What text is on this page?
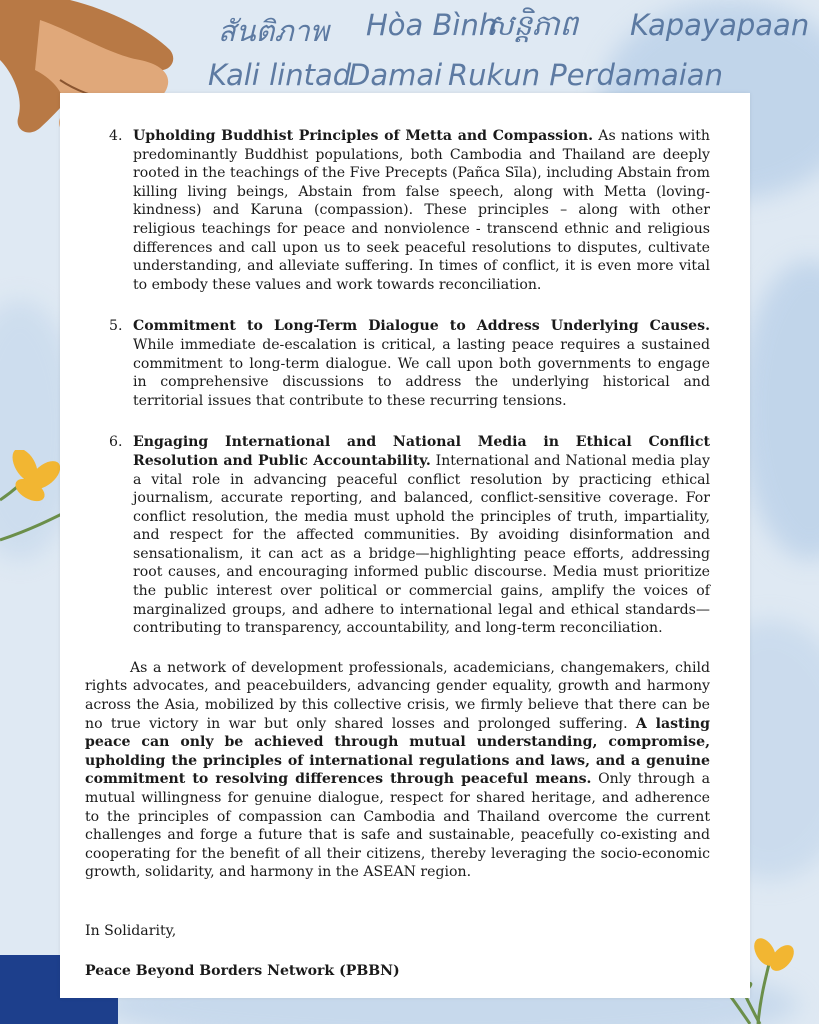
สันติภาพ Hòa Bình
សន្តិភាព Kapayapaan
Kali lintad
Damai Rukun Perdamaian
4. Upholding Buddhist Principles of Metta and Compassion. As nations with predominantly Buddhist populations, both Cambodia and Thailand are deeply rooted in the teachings of the Five Precepts (Pañca Sīla), including Abstain from killing living beings, Abstain from false speech, along with Metta (loving-kindness) and Karuna (compassion). These principles – along with other religious teachings for peace and nonviolence - transcend ethnic and religious differences and call upon us to seek peaceful resolutions to disputes, cultivate understanding, and alleviate suffering. In times of conflict, it is even more vital to embody these values and work towards reconciliation.
5. Commitment to Long-Term Dialogue to Address Underlying Causes. While immediate de-escalation is critical, a lasting peace requires a sustained commitment to long-term dialogue. We call upon both governments to engage in comprehensive discussions to address the underlying historical and territorial issues that contribute to these recurring tensions.
6. Engaging International and National Media in Ethical Conflict Resolution and Public Accountability. International and National media play a vital role in advancing peaceful conflict resolution by practicing ethical journalism, accurate reporting, and balanced, conflict-sensitive coverage. For conflict resolution, the media must uphold the principles of truth, impartiality, and respect for the affected communities. By avoiding disinformation and sensationalism, it can act as a bridge—highlighting peace efforts, addressing root causes, and encouraging informed public discourse. Media must prioritize the public interest over political or commercial gains, amplify the voices of marginalized groups, and adhere to international legal and ethical standards—contributing to transparency, accountability, and long-term reconciliation.

As a network of development professionals, academicians, changemakers, child rights advocates, and peacebuilders, advancing gender equality, growth and harmony across the Asia, mobilized by this collective crisis, we firmly believe that there can be no true victory in war but only shared losses and prolonged suffering. A lasting peace can only be achieved through mutual understanding, compromise, upholding the principles of international regulations and laws, and a genuine commitment to resolving differences through peaceful means. Only through a mutual willingness for genuine dialogue, respect for shared heritage, and adherence to the principles of compassion can Cambodia and Thailand overcome the current challenges and forge a future that is safe and sustainable, peacefully co-existing and cooperating for the benefit of all their citizens, thereby leveraging the socio-economic growth, solidarity, and harmony in the ASEAN region.

In Solidarity,
Peace Beyond Borders Network (PBBN)
